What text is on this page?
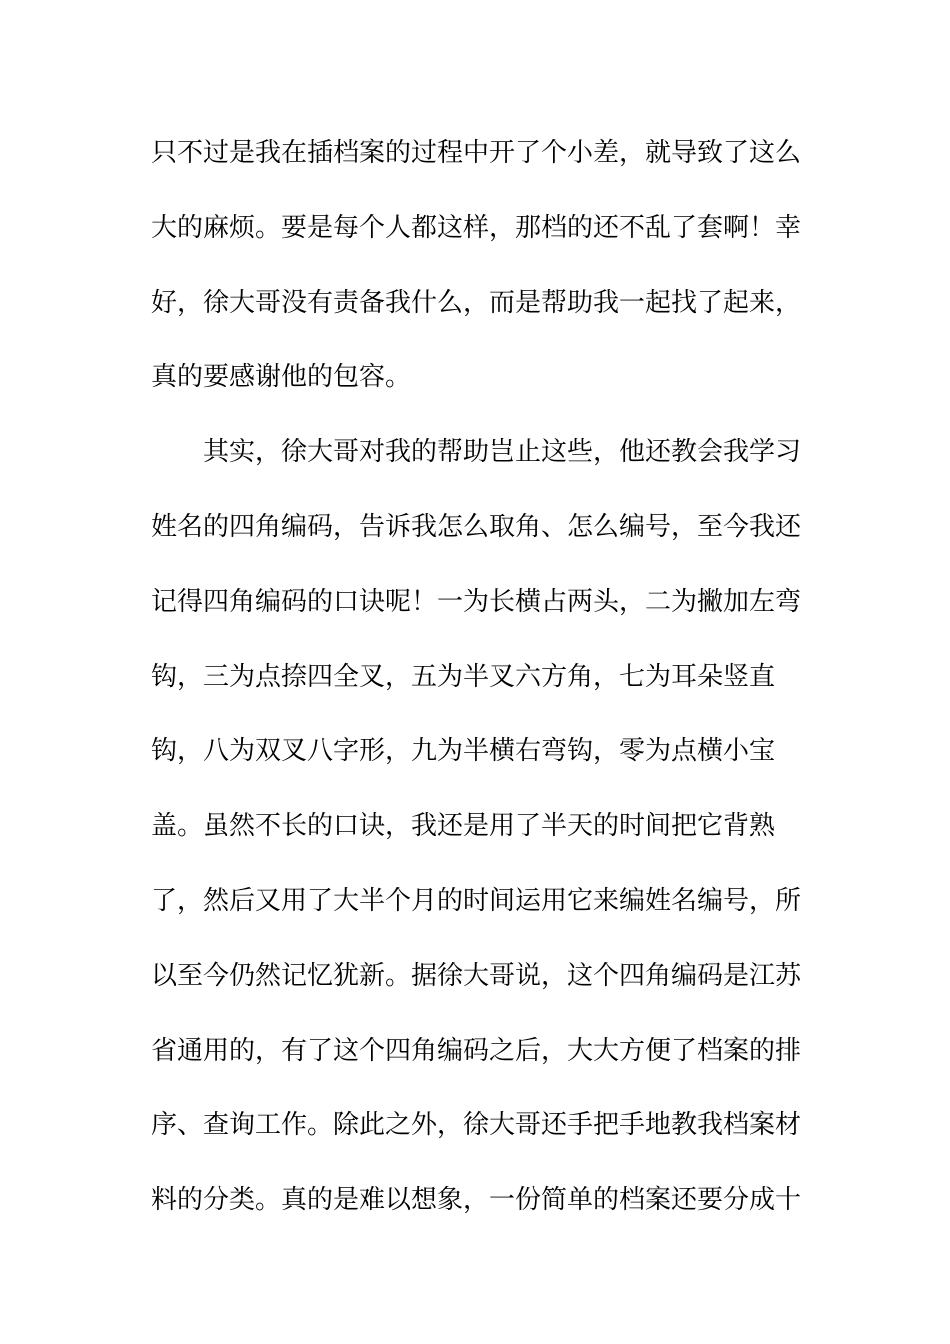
只不过是我在插档案的过程中开了个小差，就导致了这么
大的麻烦。要是每个人都这样，那档的还不乱了套啊！幸
好，徐大哥没有责备我什么，而是帮助我一起找了起来，
真的要感谢他的包容。
其实，徐大哥对我的帮助岂止这些，他还教会我学习
姓名的四角编码，告诉我怎么取角、怎么编号，至今我还
记得四角编码的口诀呢！一为长横占两头，二为撇加左弯
钩，三为点捺四全叉，五为半叉六方角，七为耳朵竖直
钩，八为双叉八字形，九为半横右弯钩，零为点横小宝
盖。虽然不长的口诀，我还是用了半天的时间把它背熟
了，然后又用了大半个月的时间运用它来编姓名编号，所
以至今仍然记忆犹新。据徐大哥说，这个四角编码是江苏
省通用的，有了这个四角编码之后，大大方便了档案的排
序、查询工作。除此之外，徐大哥还手把手地教我档案材
料的分类。真的是难以想象，一份简单的档案还要分成十
